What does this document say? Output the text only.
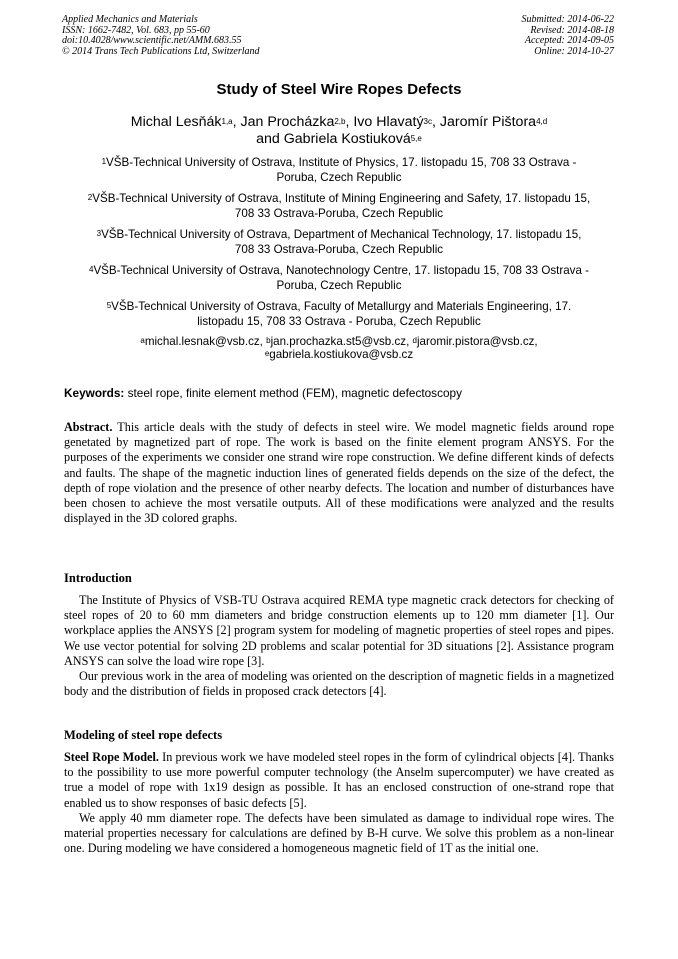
Applied Mechanics and Materials
ISSN: 1662-7482, Vol. 683, pp 55-60
doi:10.4028/www.scientific.net/AMM.683.55
© 2014 Trans Tech Publications Ltd, Switzerland
Submitted: 2014-06-22
Revised: 2014-08-18
Accepted: 2014-09-05
Online: 2014-10-27
Study of Steel Wire Ropes Defects
Michal Lesňák$^{1,a}$, Jan Procházka$^{2,b}$, Ivo Hlavatý$^{3c}$, Jaromír Pištora$^{4,d}$
and Gabriela Kostiuková$^{5,e}$
$^1$VŠB-Technical University of Ostrava, Institute of Physics, 17. listopadu 15, 708 33 Ostrava -
Poruba, Czech Republic
$^2$VŠB-Technical University of Ostrava, Institute of Mining Engineering and Safety, 17. listopadu 15,
708 33 Ostrava-Poruba, Czech Republic
$^3$VŠB-Technical University of Ostrava, Department of Mechanical Technology, 17. listopadu 15,
708 33 Ostrava-Poruba, Czech Republic
$^4$VŠB-Technical University of Ostrava, Nanotechnology Centre, 17. listopadu 15, 708 33 Ostrava -
Poruba, Czech Republic
$^5$VŠB-Technical University of Ostrava, Faculty of Metallurgy and Materials Engineering, 17.
listopadu 15, 708 33 Ostrava - Poruba, Czech Republic
$^a$michal.lesnak@vsb.cz, $^b$jan.prochazka.st5@vsb.cz, $^d$jaromir.pistora@vsb.cz,
$^e$gabriela.kostiukova@vsb.cz
Keywords: steel rope, finite element method (FEM), magnetic defectoscopy

Abstract. This article deals with the study of defects in steel wire. We model magnetic fields around rope genetated by magnetized part of rope. The work is based on the finite element program ANSYS. For the purposes of the experiments we consider one strand wire rope construction. We define different kinds of defects and faults. The shape of the magnetic induction lines of generated fields depends on the size of the defect, the depth of rope violation and the presence of other nearby defects. The location and number of disturbances have been chosen to achieve the most versatile outputs. All of these modifications were analyzed and the results displayed in the 3D colored graphs.

Introduction

The Institute of Physics of VSB-TU Ostrava acquired REMA type magnetic crack detectors for checking of steel ropes of 20 to 60 mm diameters and bridge construction elements up to 120 mm diameter [1]. Our workplace applies the ANSYS [2] program system for modeling of magnetic properties of steel ropes and pipes. We use vector potential for solving 2D problems and scalar potential for 3D situations [2]. Assistance program ANSYS can solve the load wire rope [3].

Our previous work in the area of modeling was oriented on the description of magnetic fields in a magnetized body and the distribution of fields in proposed crack detectors [4].

Modeling of steel rope defects

Steel Rope Model. In previous work we have modeled steel ropes in the form of cylindrical objects [4]. Thanks to the possibility to use more powerful computer technology (the Anselm supercomputer) we have created as true a model of rope with 1x19 design as possible. It has an enclosed construction of one-strand rope that enabled us to show responses of basic defects [5].

We apply 40 mm diameter rope. The defects have been simulated as damage to individual rope wires. The material properties necessary for calculations are defined by B-H curve. We solve this problem as a non-linear one. During modeling we have considered a homogeneous magnetic field of 1T as the initial one.
